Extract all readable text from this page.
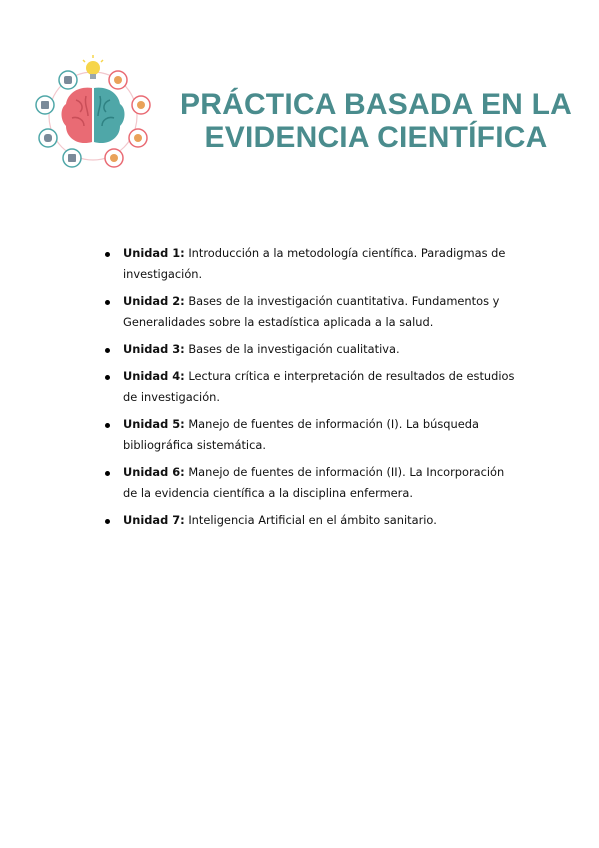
PRÁCTICA BASADA EN LA
EVIDENCIA CIENTÍFICA
Unidad 1: Introducción a la metodología científica. Paradigmas de investigación.
Unidad 2: Bases de la investigación cuantitativa. Fundamentos y Generalidades sobre la estadística aplicada a la salud.
Unidad 3: Bases de la investigación cualitativa.
Unidad 4: Lectura crítica e interpretación de resultados de estudios de investigación.
Unidad 5: Manejo de fuentes de información (I). La búsqueda bibliográfica sistemática.
Unidad 6: Manejo de fuentes de información (II). La Incorporación de la evidencia científica a la disciplina enfermera.
Unidad 7: Inteligencia Artificial en el ámbito sanitario.
